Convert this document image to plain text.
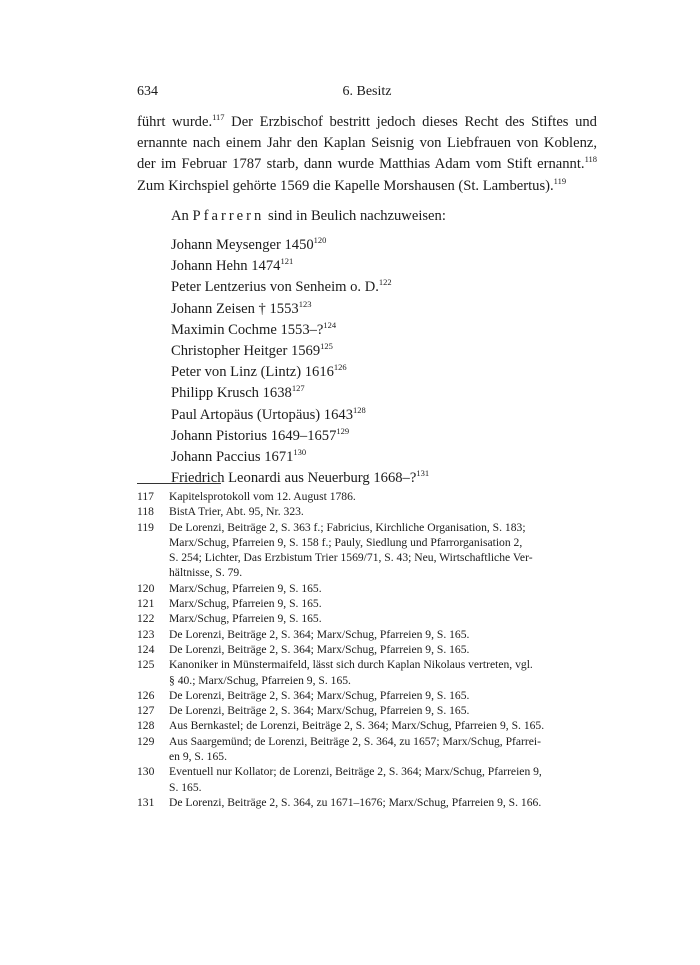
634	6. Besitz
führt wurde.$^{117}$ Der Erzbischof bestritt jedoch dieses Recht des Stiftes und
ernannte nach einem Jahr den Kaplan Seisnig von Liebfrauen von Koblenz,
der im Februar 1787 starb, dann wurde Matthias Adam vom Stift ernannt.$^{118}$
Zum Kirchspiel gehörte 1569 die Kapelle Morshausen (St. Lambertus).$^{119}$
An Pfarrern sind in Beulich nachzuweisen:
Johann Meysenger 1450$^{120}$
Johann Hehn 1474$^{121}$
Peter Lentzerius von Senheim o. D.$^{122}$
Johann Zeisen † 1553$^{123}$
Maximin Cochme 1553–?$^{124}$
Christopher Heitger 1569$^{125}$
Peter von Linz (Lintz) 1616$^{126}$
Philipp Krusch 1638$^{127}$
Paul Artopäus (Urtopäus) 1643$^{128}$
Johann Pistorius 1649–1657$^{129}$
Johann Paccius 1671$^{130}$
Friedrich Leonardi aus Neuerburg 1668–?$^{131}$
117 Kapitelsprotokoll vom 12. August 1786.
118 BistA Trier, Abt. 95, Nr. 323.
119 De Lorenzi, Beiträge 2, S. 363 f.; Fabricius, Kirchliche Organisation, S. 183;
Marx/Schug, Pfarreien 9, S. 158 f.; Pauly, Siedlung und Pfarrorganisation 2,
S. 254; Lichter, Das Erzbistum Trier 1569/71, S. 43; Neu, Wirtschaftliche Ver-
hältnisse, S. 79.
120 Marx/Schug, Pfarreien 9, S. 165.
121 Marx/Schug, Pfarreien 9, S. 165.
122 Marx/Schug, Pfarreien 9, S. 165.
123 De Lorenzi, Beiträge 2, S. 364; Marx/Schug, Pfarreien 9, S. 165.
124 De Lorenzi, Beiträge 2, S. 364; Marx/Schug, Pfarreien 9, S. 165.
125 Kanoniker in Münstermaifeld, lässt sich durch Kaplan Nikolaus vertreten, vgl.
§ 40.; Marx/Schug, Pfarreien 9, S. 165.
126 De Lorenzi, Beiträge 2, S. 364; Marx/Schug, Pfarreien 9, S. 165.
127 De Lorenzi, Beiträge 2, S. 364; Marx/Schug, Pfarreien 9, S. 165.
128 Aus Bernkastel; de Lorenzi, Beiträge 2, S. 364; Marx/Schug, Pfarreien 9, S. 165.
129 Aus Saargemünd; de Lorenzi, Beiträge 2, S. 364, zu 1657; Marx/Schug, Pfarrei-
en 9, S. 165.
130 Eventuell nur Kollator; de Lorenzi, Beiträge 2, S. 364; Marx/Schug, Pfarreien 9,
S. 165.
131 De Lorenzi, Beiträge 2, S. 364, zu 1671–1676; Marx/Schug, Pfarreien 9, S. 166.
